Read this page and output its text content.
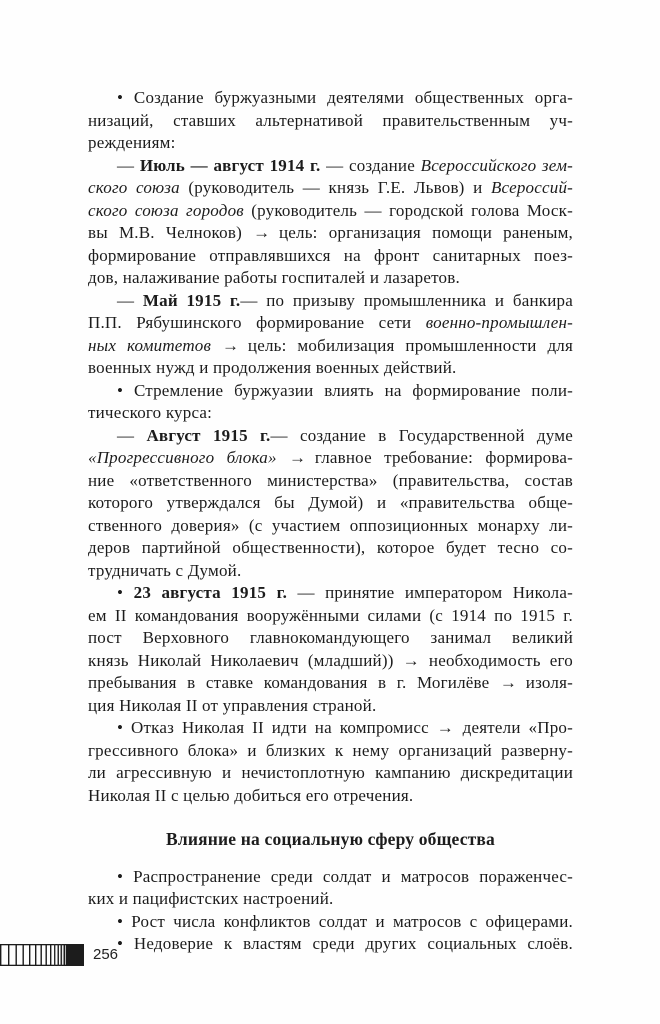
• Создание буржуазными деятелями общественных орга-
низаций, ставших альтернативой правительственным уч-
реждениям:
— Июль — август 1914 г. — создание Всероссийского зем-
ского союза (руководитель — князь Г.Е. Львов) и Всероссий-
ского союза городов (руководитель — городской голова Моск-
вы М.В. Челноков) → цель: организация помощи раненым,
формирование отправлявшихся на фронт санитарных поез-
дов, налаживание работы госпиталей и лазаретов.
— Май 1915 г.— по призыву промышленника и банкира
П.П. Рябушинского формирование сети военно-промышлен-
ных комитетов → цель: мобилизация промышленности для
военных нужд и продолжения военных действий.
• Стремление буржуазии влиять на формирование поли-
тического курса:
— Август 1915 г.— создание в Государственной думе
«Прогрессивного блока» → главное требование: формирова-
ние «ответственного министерства» (правительства, состав
которого утверждался бы Думой) и «правительства обще-
ственного доверия» (с участием оппозиционных монарху ли-
деров партийной общественности), которое будет тесно со-
трудничать с Думой.
• 23 августа 1915 г. — принятие императором Никола-
ем II командования вооружёнными силами (с 1914 по 1915 г.
пост Верховного главнокомандующего занимал великий
князь Николай Николаевич (младший)) → необходимость его
пребывания в ставке командования в г. Могилёве → изоля-
ция Николая II от управления страной.
• Отказ Николая II идти на компромисс → деятели «Про-
грессивного блока» и близких к нему организаций разверну-
ли агрессивную и нечистоплотную кампанию дискредитации
Николая II с целью добиться его отречения.
Влияние на социальную сферу общества
• Распространение среди солдат и матросов пораженчес-
ких и пацифистских настроений.
• Рост числа конфликтов солдат и матросов с офицерами.
• Недоверие к властям среди других социальных слоёв.
256
